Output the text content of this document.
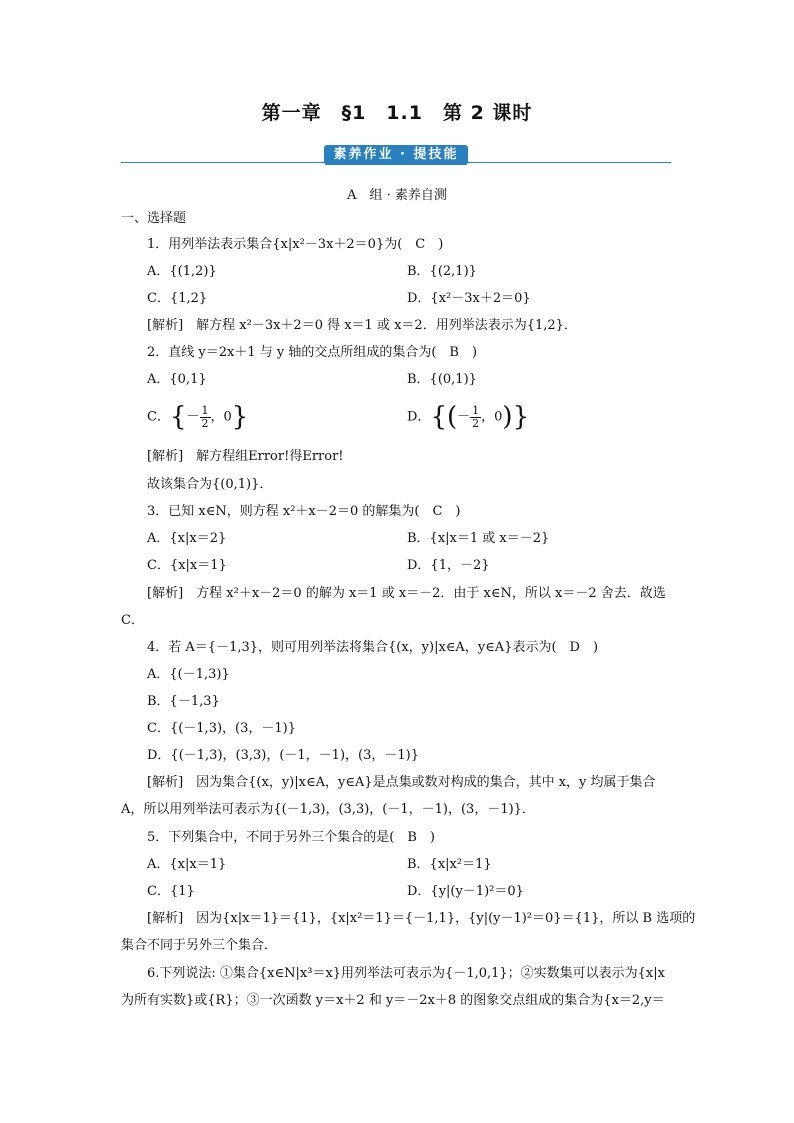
第一章　§1　1.1　第 2 课时
素养作业 · 提技能
A　组 · 素养自测
一、选择题
1．用列举法表示集合{x|x²－3x＋2＝0}为(　C　)
A．{(1,2)}	B．{(2,1)}
C．{1,2}	D．{x²－3x＋2＝0}
[解析]　解方程 x²－3x＋2＝0 得 x＝1 或 x＝2．用列举法表示为{1,2}．
2．直线 y＝2x＋1 与 y 轴的交点所组成的集合为(　B　)
A．{0,1}	B．{(0,1)}
C．{－ $\frac{1}{2}$ ，0}	D．{(－ $\frac{1}{2}$ ，0)}
[解析]　解方程组Error!得Error!
故该集合为{(0,1)}．
3．已知 x∈N，则方程 x²＋x－2＝0 的解集为(　C　)
A．{x|x＝2}	B．{x|x＝1 或 x＝－2}
C．{x|x＝1}	D．{1，－2}
[解析]　方程 x²＋x－2＝0 的解为 x＝1 或 x＝－2．由于 x∈N，所以 x＝－2 舍去．故选
C．
4．若 A＝{－1,3}，则可用列举法将集合{(x，y)|x∈A，y∈A}表示为(　D　)
A．{(－1,3)}
B．{－1,3}
C．{(－1,3)，(3，－1)}
D．{(－1,3)，(3,3)，(－1，－1)，(3，－1)}
[解析]　因为集合{(x，y)|x∈A，y∈A}是点集或数对构成的集合，其中 x，y 均属于集合
A，所以用列举法可表示为{(－1,3)，(3,3)，(－1，－1)，(3，－1)}．
5．下列集合中，不同于另外三个集合的是(　B　)
A．{x|x＝1}	B．{x|x²＝1}
C．{1}	D．{y|(y－1)²＝0}
[解析]　因为{x|x＝1}＝{1}，{x|x²＝1}＝{－1,1}，{y|(y－1)²＝0}＝{1}，所以 B 选项的
集合不同于另外三个集合．
6.下列说法: ①集合{x∈N|x³＝x}用列举法可表示为{－1,0,1}；②实数集可以表示为{x|x
为所有实数}或{R}；③一次函数 y＝x＋2 和 y＝－2x＋8 的图象交点组成的集合为{x＝2,y＝
